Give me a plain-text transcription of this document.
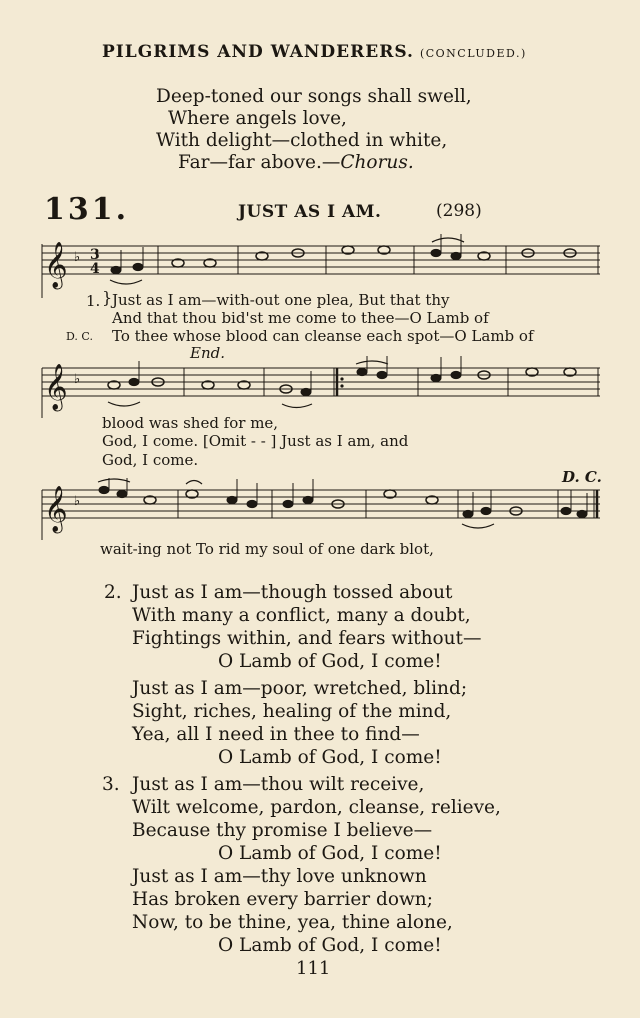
PILGRIMS AND WANDERERS. (CONCLUDED.)
Deep-toned our songs shall swell,
Where angels love,
With delight—clothed in white,
Far—far above.—Chorus.
131.	JUST AS I AM.	(298)
𝄞 ♭ 3
4
1. } Just as I am—with-out one plea, But that thy
And that thou bid'st me come to thee—O Lamb of
D. C. To thee whose blood can cleanse each spot—O Lamb of
End.
𝄞 ♭
blood was shed for me,
God, I come. [Omit - - ] Just as I am, and
God, I come.
D. C.
𝄞 ♭
wait-ing not To rid my soul of one dark blot,
2. Just as I am—though tossed about
With many a conflict, many a doubt,
Fightings within, and fears without—
O Lamb of God, I come!
Just as I am—poor, wretched, blind;
Sight, riches, healing of the mind,
Yea, all I need in thee to find—
O Lamb of God, I come!
3. Just as I am—thou wilt receive,
Wilt welcome, pardon, cleanse, relieve,
Because thy promise I believe—
O Lamb of God, I come!
Just as I am—thy love unknown
Has broken every barrier down;
Now, to be thine, yea, thine alone,
O Lamb of God, I come!
111
